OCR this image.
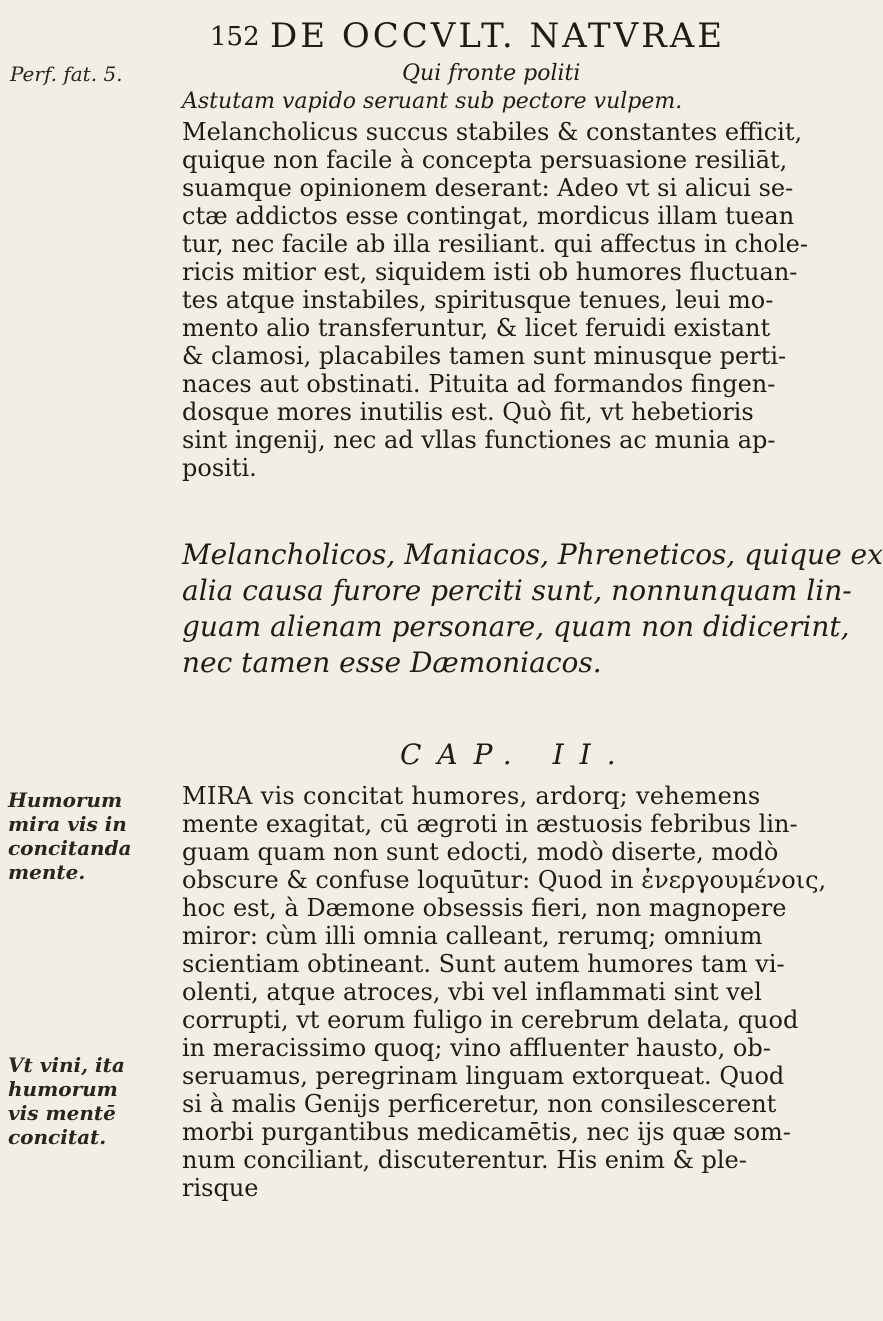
152 DE OCCVLT. NATVRAE
Perf. fat. 5.
Humorum
mira vis in
concitanda
mente.
Vt vini, ita
humorum
vis mentē
concitat.
Qui fronte politi
Astutam vapido seruant sub pectore vulpem.
Melancholicus succus stabiles & constantes efficit,
quique non facile à concepta persuasione resiliāt,
suamque opinionem deserant: Adeo vt si alicui se-
ctæ addictos esse contingat, mordicus illam tuean
tur, nec facile ab illa resiliant. qui affectus in chole-
ricis mitior est, siquidem isti ob humores fluctuan-
tes atque instabiles, spiritusque tenues, leui mo-
mento alio transferuntur, & licet feruidi existant
& clamosi, placabiles tamen sunt minusque perti-
naces aut obstinati. Pituita ad formandos fingen-
dosque mores inutilis est. Quò fit, vt hebetioris
sint ingenij, nec ad vllas functiones ac munia ap-
positi.
Melancholicos, Maniacos, Phreneticos, quique ex
alia causa furore perciti sunt, nonnunquam lin-
guam alienam personare, quam non didicerint,
nec tamen esse Dæmoniacos.
CAP. II.
MIRA vis concitat humores, ardorq; vehemens
mente exagitat, cū ægroti in æstuosis febribus lin-
guam quam non sunt edocti, modò diserte, modò
obscure & confuse loquūtur: Quod in ἐνεργουμένοις,
hoc est, à Dæmone obsessis fieri, non magnopere
miror: cùm illi omnia calleant, rerumq; omnium
scientiam obtineant. Sunt autem humores tam vi-
olenti, atque atroces, vbi vel inflammati sint vel
corrupti, vt eorum fuligo in cerebrum delata, quod
in meracissimo quoq; vino affluenter hausto, ob-
seruamus, peregrinam linguam extorqueat. Quod
si à malis Genijs perficeretur, non consilescerent
morbi purgantibus medicamētis, nec ijs quæ som-
num conciliant, discuterentur. His enim & ple-
risque
